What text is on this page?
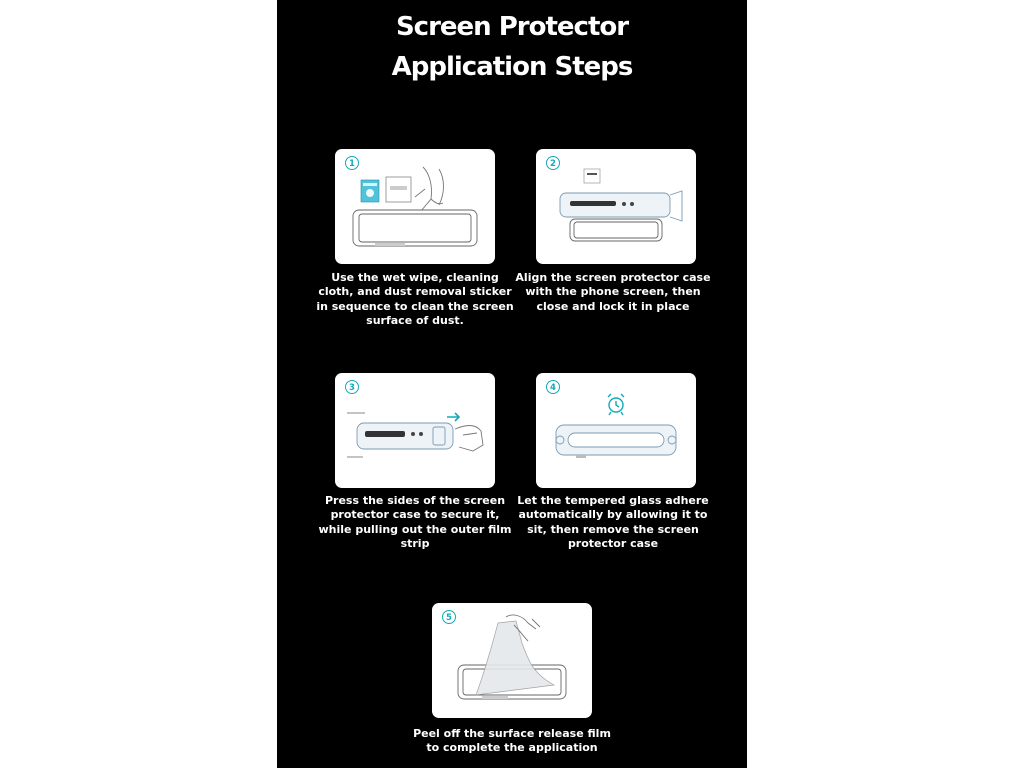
Screen Protector
Application Steps
1
Use the wet wipe, cleaning cloth, and dust removal sticker in sequence to clean the screen surface of dust.
2
Align the screen protector case with the phone screen, then close and lock it in place
3
Press the sides of the screen protector case to secure it, while pulling out the outer film strip
4
Let the tempered glass adhere automatically by allowing it to sit, then remove the screen protector case
5
Peel off the surface release film to complete the application
